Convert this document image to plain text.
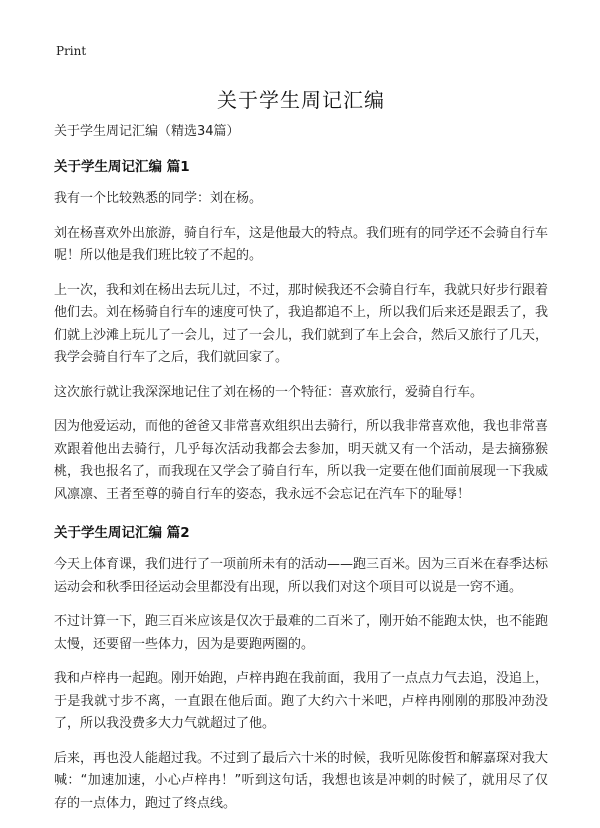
Print
关于学生周记汇编
关于学生周记汇编（精选34篇）
关于学生周记汇编 篇1
我有一个比较熟悉的同学：刘在杨。
刘在杨喜欢外出旅游，骑自行车，这是他最大的特点。我们班有的同学还不会骑自行车呢！所以他是我们班比较了不起的。
上一次，我和刘在杨出去玩儿过，不过，那时候我还不会骑自行车，我就只好步行跟着他们去。刘在杨骑自行车的速度可快了，我追都追不上，所以我们后来还是跟丢了，我们就上沙滩上玩儿了一会儿，过了一会儿，我们就到了车上会合，然后又旅行了几天，我学会骑自行车了之后，我们就回家了。
这次旅行就让我深深地记住了刘在杨的一个特征：喜欢旅行，爱骑自行车。
因为他爱运动，而他的爸爸又非常喜欢组织出去骑行，所以我非常喜欢他，我也非常喜欢跟着他出去骑行，几乎每次活动我都会去参加，明天就又有一个活动，是去摘猕猴桃，我也报名了，而我现在又学会了骑自行车，所以我一定要在他们面前展现一下我威风凛凛、王者至尊的骑自行车的姿态，我永远不会忘记在汽车下的耻辱！
关于学生周记汇编 篇2
今天上体育课，我们进行了一项前所未有的活动——跑三百米。因为三百米在春季达标运动会和秋季田径运动会里都没有出现，所以我们对这个项目可以说是一窍不通。
不过计算一下，跑三百米应该是仅次于最难的二百米了，刚开始不能跑太快，也不能跑太慢，还要留一些体力，因为是要跑两圈的。
我和卢梓冉一起跑。刚开始跑，卢梓冉跑在我前面，我用了一点点力气去追，没追上，于是我就寸步不离，一直跟在他后面。跑了大约六十米吧，卢梓冉刚刚的那股冲劲没了，所以我没费多大力气就超过了他。
后来，再也没人能超过我。不过到了最后六十米的时候，我听见陈俊哲和解嘉琛对我大喊：“加速加速，小心卢梓冉！”听到这句话，我想也该是冲刺的时候了，就用尽了仅存的一点体力，跑过了终点线。
